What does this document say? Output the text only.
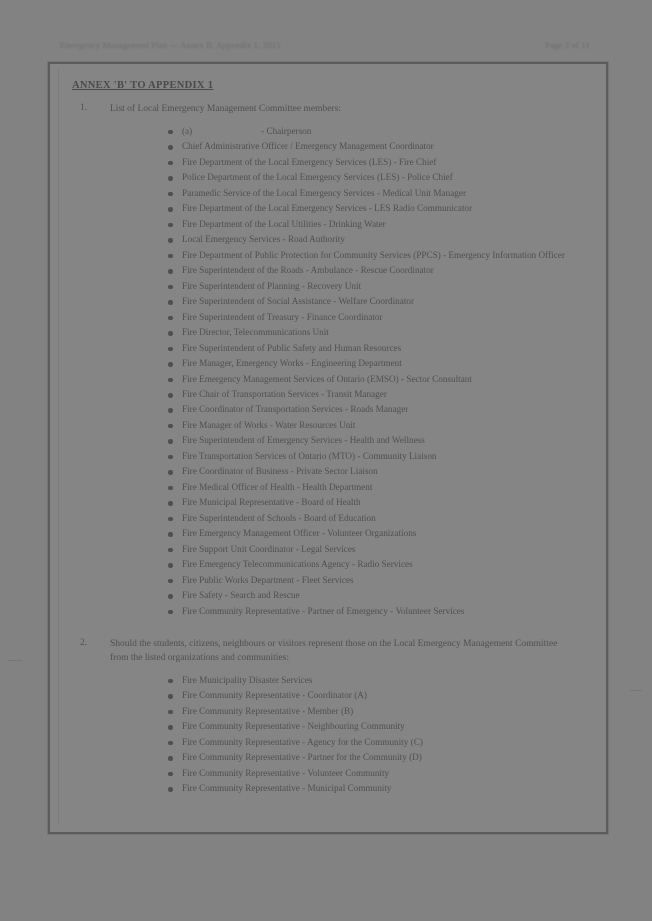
Emergency Management Plan — Annex B, Appendix 1, 2015	Page 2 of 11
ANNEX 'B' TO APPENDIX 1
1.	List of Local Emergency Management Committee members:
(a)                              - Chairperson
Chief Administrative Officer / Emergency Management Coordinator
Fire Department of the Local Emergency Services (LES) - Fire Chief
Police Department of the Local Emergency Services (LES) - Police Chief
Paramedic Service of the Local Emergency Services - Medical Unit Manager
Fire Department of the Local Emergency Services - LES Radio Communicator
Fire Department of the Local Utilities - Drinking Water
Local Emergency Services - Road Authority
Fire Department of Public Protection for Community Services (PPCS) - Emergency Information Officer
Fire Superintendent of the Roads - Ambulance - Rescue Coordinator
Fire Superintendent of Planning - Recovery Unit
Fire Superintendent of Social Assistance - Welfare Coordinator
Fire Superintendent of Treasury - Finance Coordinator
Fire Director, Telecommunications Unit
Fire Superintendent of Public Safety and Human Resources
Fire Manager, Emergency Works - Engineering Department
Fire Emergency Management Services of Ontario (EMSO) - Sector Consultant
Fire Chair of Transportation Services - Transit Manager
Fire Coordinator of Transportation Services - Roads Manager
Fire Manager of Works - Water Resources Unit
Fire Superintendent of Emergency Services - Health and Wellness
Fire Transportation Services of Ontario (MTO) - Community Liaison
Fire Coordinator of Business - Private Sector Liaison
Fire Medical Officer of Health - Health Department
Fire Municipal Representative - Board of Health
Fire Superintendent of Schools - Board of Education
Fire Emergency Management Officer - Volunteer Organizations
Fire Support Unit Coordinator - Legal Services
Fire Emergency Telecommunications Agency - Radio Services
Fire Public Works Department - Fleet Services
Fire Safety - Search and Rescue
Fire Community Representative - Partner of Emergency - Volunteer Services
2.	Should the students, citizens, neighbours or visitors represent those on the Local Emergency Management Committee from the listed organizations and communities:
Fire Municipality Disaster Services
Fire Community Representative - Coordinator (A)
Fire Community Representative - Member (B)
Fire Community Representative - Neighbouring Community
Fire Community Representative - Agency for the Community (C)
Fire Community Representative - Partner for the Community (D)
Fire Community Representative - Volunteer Community
Fire Community Representative - Municipal Community
